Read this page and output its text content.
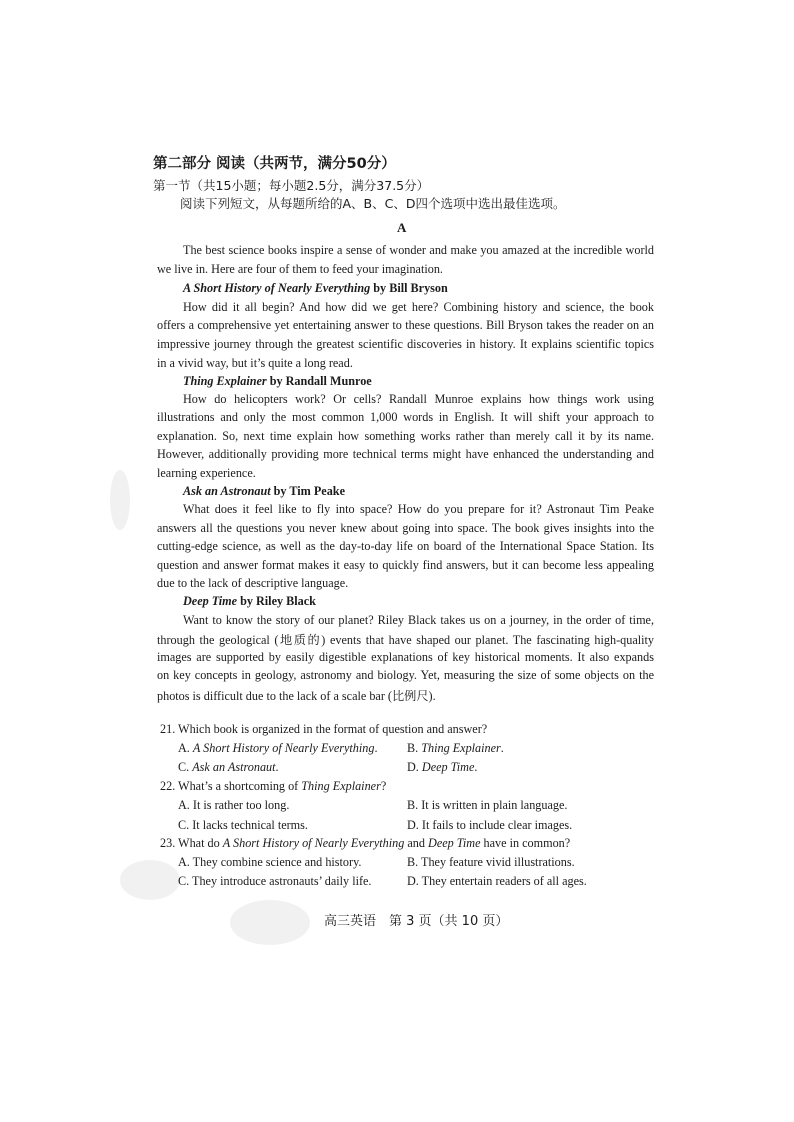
第二部分 阅读（共两节，满分50分）
第一节（共15小题；每小题2.5分，满分37.5分）
阅读下列短文，从每题所给的A、B、C、D四个选项中选出最佳选项。
A
The best science books inspire a sense of wonder and make you amazed at the incredible world
we live in. Here are four of them to feed your imagination.
A Short History of Nearly Everything by Bill Bryson
How did it all begin? And how did we get here? Combining history and science, the book
offers a comprehensive yet entertaining answer to these questions. Bill Bryson takes the reader on an
impressive journey through the greatest scientific discoveries in history. It explains scientific topics
in a vivid way, but it’s quite a long read.
Thing Explainer by Randall Munroe
How do helicopters work? Or cells? Randall Munroe explains how things work using
illustrations and only the most common 1,000 words in English. It will shift your approach to
explanation. So, next time explain how something works rather than merely call it by its name.
However, additionally providing more technical terms might have enhanced the understanding and
learning experience.
Ask an Astronaut by Tim Peake
What does it feel like to fly into space? How do you prepare for it? Astronaut Tim Peake
answers all the questions you never knew about going into space. The book gives insights into the
cutting-edge science, as well as the day-to-day life on board of the International Space Station. Its
question and answer format makes it easy to quickly find answers, but it can become less appealing
due to the lack of descriptive language.
Deep Time by Riley Black
Want to know the story of our planet? Riley Black takes us on a journey, in the order of time,
through the geological (地质的) events that have shaped our planet. The fascinating high-quality
images are supported by easily digestible explanations of key historical moments. It also expands
on key concepts in geology, astronomy and biology. Yet, measuring the size of some objects on the
photos is difficult due to the lack of a scale bar (比例尺).
21. Which book is organized in the format of question and answer?
A. A Short History of Nearly Everything. B. Thing Explainer.
C. Ask an Astronaut.	D. Deep Time.
22. What’s a shortcoming of Thing Explainer?
A. It is rather too long.	B. It is written in plain language.
C. It lacks technical terms.	D. It fails to include clear images.
23. What do A Short History of Nearly Everything and Deep Time have in common?
A. They combine science and history.	B. They feature vivid illustrations.
C. They introduce astronauts’ daily life.	D. They entertain readers of all ages.
高三英语　第 3 页（共 10 页）
